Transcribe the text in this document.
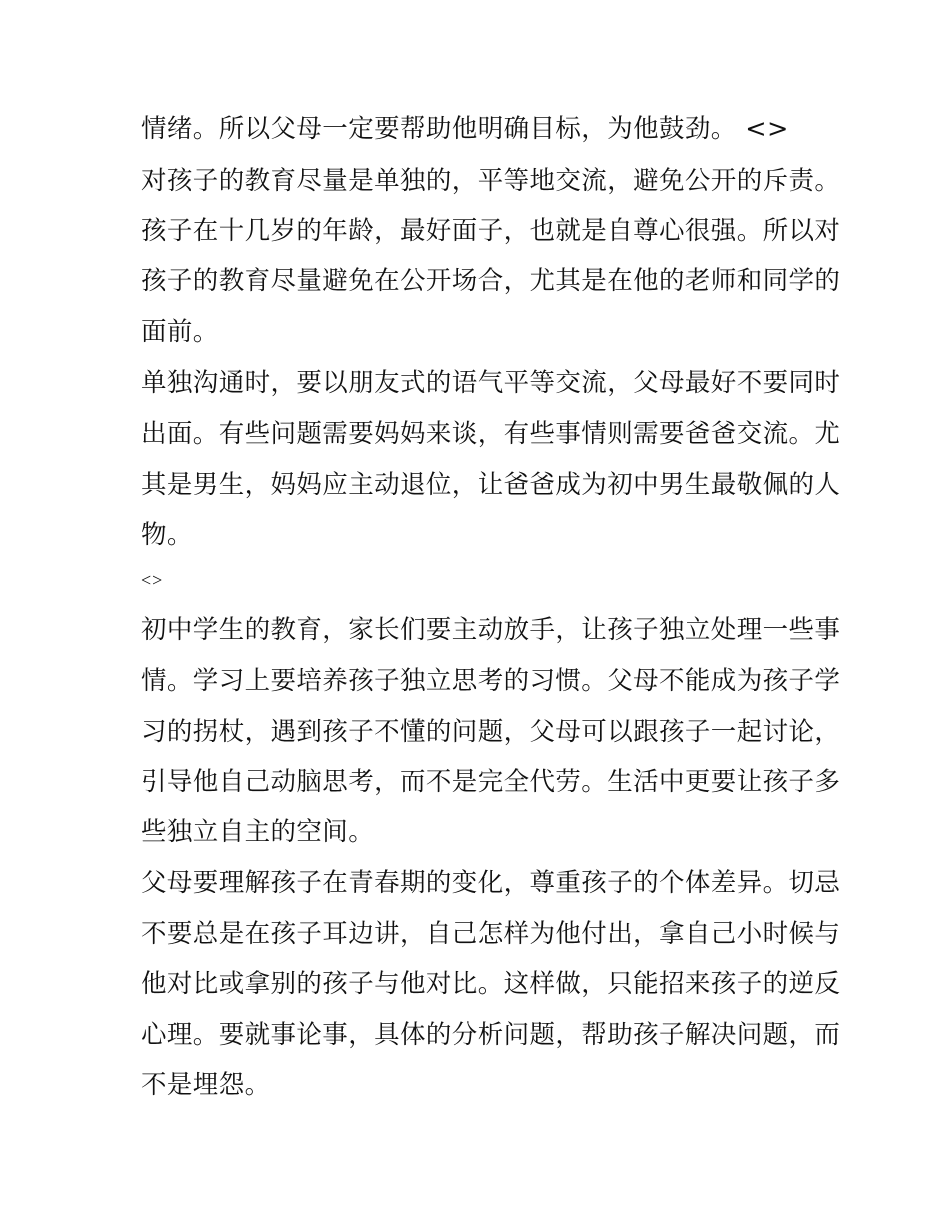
情绪。所以父母一定要帮助他明确目标，为他鼓劲。 <>
对孩子的教育尽量是单独的，平等地交流，避免公开的斥责。
孩子在十几岁的年龄，最好面子，也就是自尊心很强。所以对
孩子的教育尽量避免在公开场合，尤其是在他的老师和同学的
面前。
单独沟通时，要以朋友式的语气平等交流，父母最好不要同时
出面。有些问题需要妈妈来谈，有些事情则需要爸爸交流。尤
其是男生，妈妈应主动退位，让爸爸成为初中男生最敬佩的人
物。
<>
初中学生的教育，家长们要主动放手，让孩子独立处理一些事
情。学习上要培养孩子独立思考的习惯。父母不能成为孩子学
习的拐杖，遇到孩子不懂的问题，父母可以跟孩子一起讨论，
引导他自己动脑思考，而不是完全代劳。生活中更要让孩子多
些独立自主的空间。
父母要理解孩子在青春期的变化，尊重孩子的个体差异。切忌
不要总是在孩子耳边讲，自己怎样为他付出，拿自己小时候与
他对比或拿别的孩子与他对比。这样做，只能招来孩子的逆反
心理。要就事论事，具体的分析问题，帮助孩子解决问题，而
不是埋怨。
